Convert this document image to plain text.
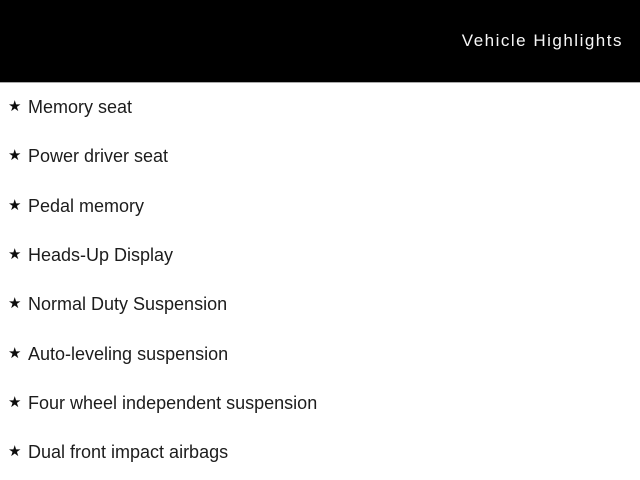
Vehicle Highlights
★ Memory seat
★ Power driver seat
★ Pedal memory
★ Heads-Up Display
★ Normal Duty Suspension
★ Auto-leveling suspension
★ Four wheel independent suspension
★ Dual front impact airbags
